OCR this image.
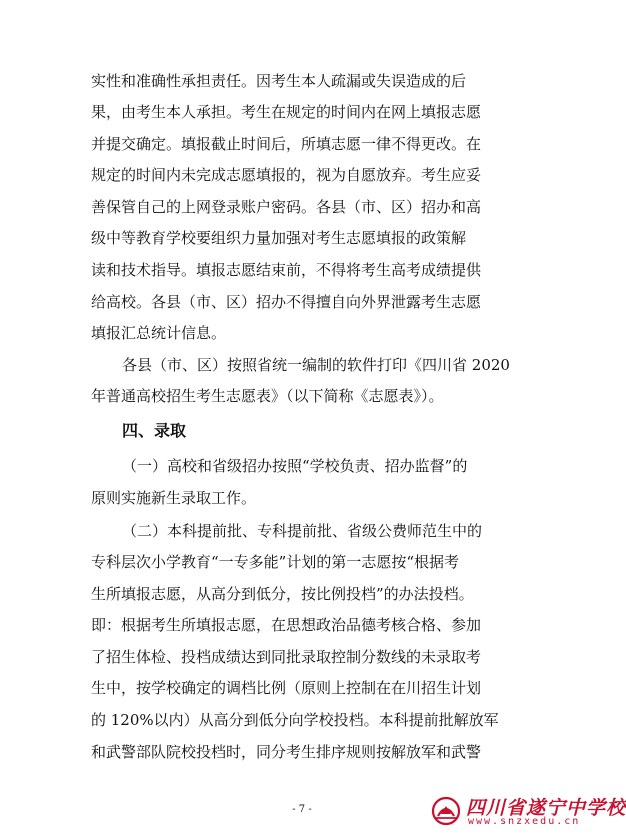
实性和准确性承担责任。因考生本人疏漏或失误造成的后
果，由考生本人承担。考生在规定的时间内在网上填报志愿
并提交确定。填报截止时间后，所填志愿一律不得更改。在
规定的时间内未完成志愿填报的，视为自愿放弃。考生应妥
善保管自己的上网登录账户密码。各县（市、区）招办和高
级中等教育学校要组织力量加强对考生志愿填报的政策解
读和技术指导。填报志愿结束前，不得将考生高考成绩提供
给高校。各县（市、区）招办不得擅自向外界泄露考生志愿
填报汇总统计信息。
各县（市、区）按照省统一编制的软件打印《四川省 2020
年普通高校招生考生志愿表》（以下简称《志愿表》）。
四、录取
（一）高校和省级招办按照“学校负责、招办监督”的
原则实施新生录取工作。
（二）本科提前批、专科提前批、省级公费师范生中的
专科层次小学教育“一专多能”计划的第一志愿按“根据考
生所填报志愿，从高分到低分，按比例投档”的办法投档。
即：根据考生所填报志愿，在思想政治品德考核合格、参加
了招生体检、投档成绩达到同批录取控制分数线的未录取考
生中，按学校确定的调档比例（原则上控制在在川招生计划
的 120%以内）从高分到低分向学校投档。本科提前批解放军
和武警部队院校投档时，同分考生排序规则按解放军和武警
- 7 -	四川省遂宁中学校
www.snzxedu.cn
